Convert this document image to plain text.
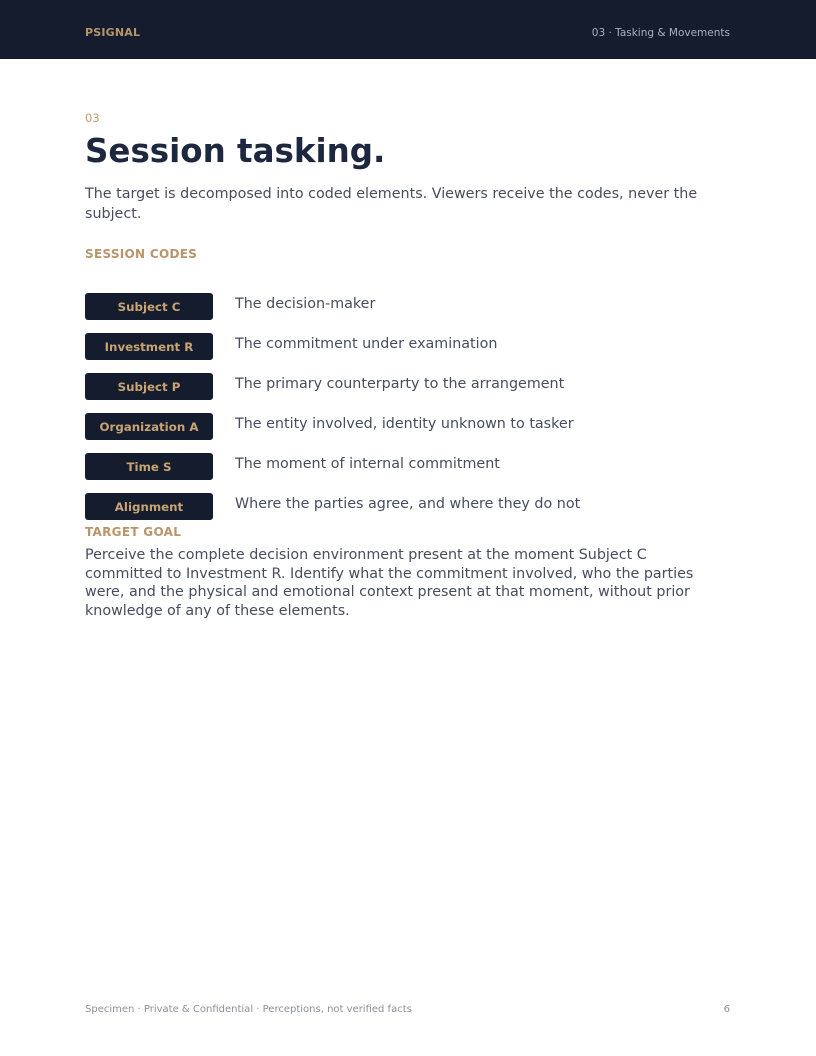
PSIGNAL	03 · Tasking & Movements
03
Session tasking.

The target is decomposed into coded elements. Viewers receive the codes, never the subject.

SESSION CODES
Subject C	The decision-maker
Investment R	The commitment under examination
Subject P	The primary counterparty to the arrangement
Organization A	The entity involved, identity unknown to tasker
Time S	The moment of internal commitment
Alignment	Where the parties agree, and where they do not
TARGET GOAL

Perceive the complete decision environment present at the moment Subject C committed to Investment R. Identify what the commitment involved, who the parties were, and the physical and emotional context present at that moment, without prior knowledge of any of these elements.

Specimen · Private & Confidential · Perceptions, not verified facts	6
